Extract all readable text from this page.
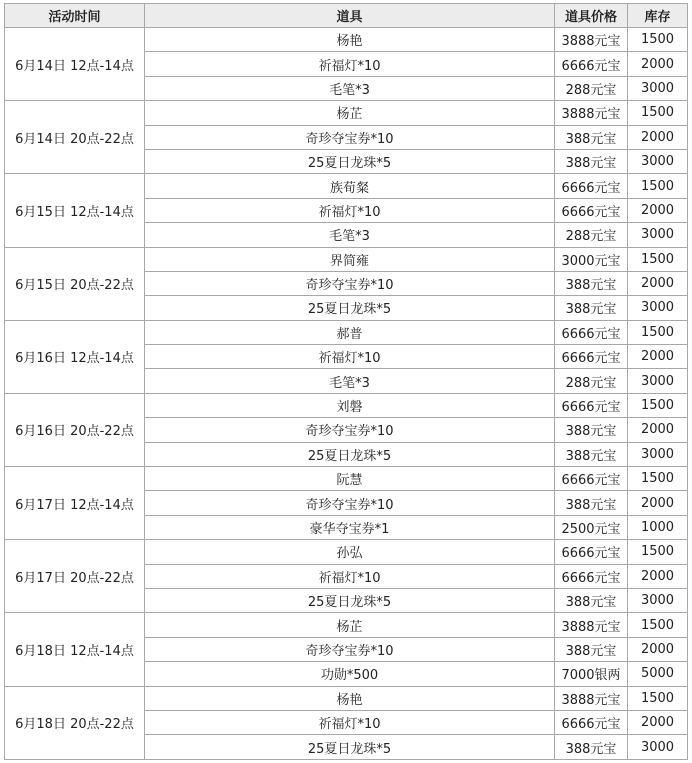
活动时间	道具	道具价格	库存
6月14日 12点-14点	杨艳	3888元宝	1500
	祈福灯*10	6666元宝	2000
	毛笔*3	288元宝	3000
6月14日 20点-22点	杨芷	3888元宝	1500
	奇珍夺宝券*10	388元宝	2000
	25夏日龙珠*5	388元宝	3000
6月15日 12点-14点	族荀粲	6666元宝	1500
	祈福灯*10	6666元宝	2000
	毛笔*3	288元宝	3000
6月15日 20点-22点	界简雍	3000元宝	1500
	奇珍夺宝券*10	388元宝	2000
	25夏日龙珠*5	388元宝	3000
6月16日 12点-14点	郝普	6666元宝	1500
	祈福灯*10	6666元宝	2000
	毛笔*3	288元宝	3000
6月16日 20点-22点	刘磐	6666元宝	1500
	奇珍夺宝券*10	388元宝	2000
	25夏日龙珠*5	388元宝	3000
6月17日 12点-14点	阮慧	6666元宝	1500
	奇珍夺宝券*10	388元宝	2000
	豪华夺宝券*1	2500元宝	1000
6月17日 20点-22点	孙弘	6666元宝	1500
	祈福灯*10	6666元宝	2000
	25夏日龙珠*5	388元宝	3000
6月18日 12点-14点	杨芷	3888元宝	1500
	奇珍夺宝券*10	388元宝	2000
	功勋*500	7000银两	5000
6月18日 20点-22点	杨艳	3888元宝	1500
	祈福灯*10	6666元宝	2000
	25夏日龙珠*5	388元宝	3000
